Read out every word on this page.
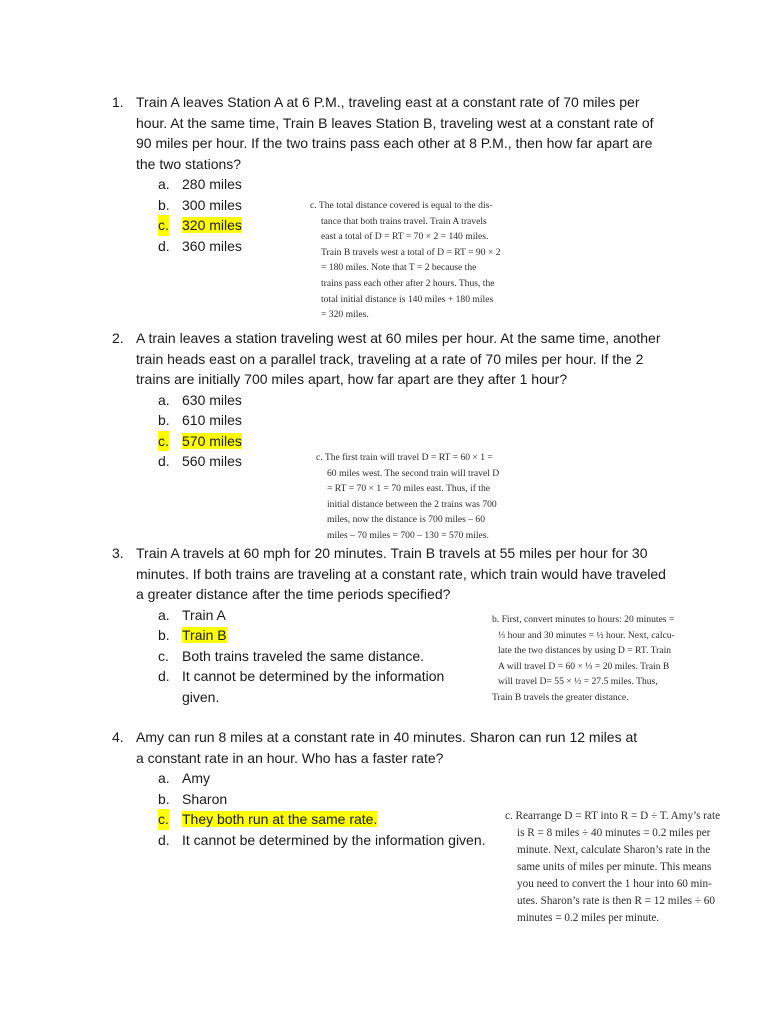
1. Train A leaves Station A at 6 P.M., traveling east at a constant rate of 70 miles per hour. At the same time, Train B leaves Station B, traveling west at a constant rate of 90 miles per hour. If the two trains pass each other at 8 P.M., then how far apart are the two stations?
a. 280 miles
b. 300 miles
c. 320 miles
d. 360 miles
c. The total distance covered is equal to the dis-
tance that both trains travel. Train A travels
east a total of D = RT = 70 × 2 = 140 miles.
Train B travels west a total of D = RT = 90 × 2
= 180 miles. Note that T = 2 because the
trains pass each other after 2 hours. Thus, the
total initial distance is 140 miles + 180 miles
= 320 miles.
2. A train leaves a station traveling west at 60 miles per hour. At the same time, another train heads east on a parallel track, traveling at a rate of 70 miles per hour. If the 2 trains are initially 700 miles apart, how far apart are they after 1 hour?
a. 630 miles
b. 610 miles
c. 570 miles
d. 560 miles	c. The first train will travel D = RT = 60 × 1 =
60 miles west. The second train will travel D
= RT = 70 × 1 = 70 miles east. Thus, if the
initial distance between the 2 trains was 700
miles, now the distance is 700 miles – 60
miles – 70 miles = 700 – 130 = 570 miles.
3. Train A travels at 60 mph for 20 minutes. Train B travels at 55 miles per hour for 30 minutes. If both trains are traveling at a constant rate, which train would have traveled a greater distance after the time periods specified?
a. Train A
b. Train B
c. Both trains traveled the same distance.
d. It cannot be determined by the information given.
b. First, convert minutes to hours: 20 minutes =
⅓ hour and 30 minutes = ½ hour. Next, calcu-
late the two distances by using D = RT. Train
A will travel D = 60 × ⅓ = 20 miles. Train B
will travel D= 55 × ½ = 27.5 miles. Thus,
Train B travels the greater distance.
4. Amy can run 8 miles at a constant rate in 40 minutes. Sharon can run 12 miles at a constant rate in an hour. Who has a faster rate?
a. Amy
b. Sharon
c. They both run at the same rate.
d. It cannot be determined by the information given.
c. Rearrange D = RT into R = D ÷ T. Amy’s rate
is R = 8 miles ÷ 40 minutes = 0.2 miles per
minute. Next, calculate Sharon’s rate in the
same units of miles per minute. This means
you need to convert the 1 hour into 60 min-
utes. Sharon’s rate is then R = 12 miles ÷ 60
minutes = 0.2 miles per minute.
